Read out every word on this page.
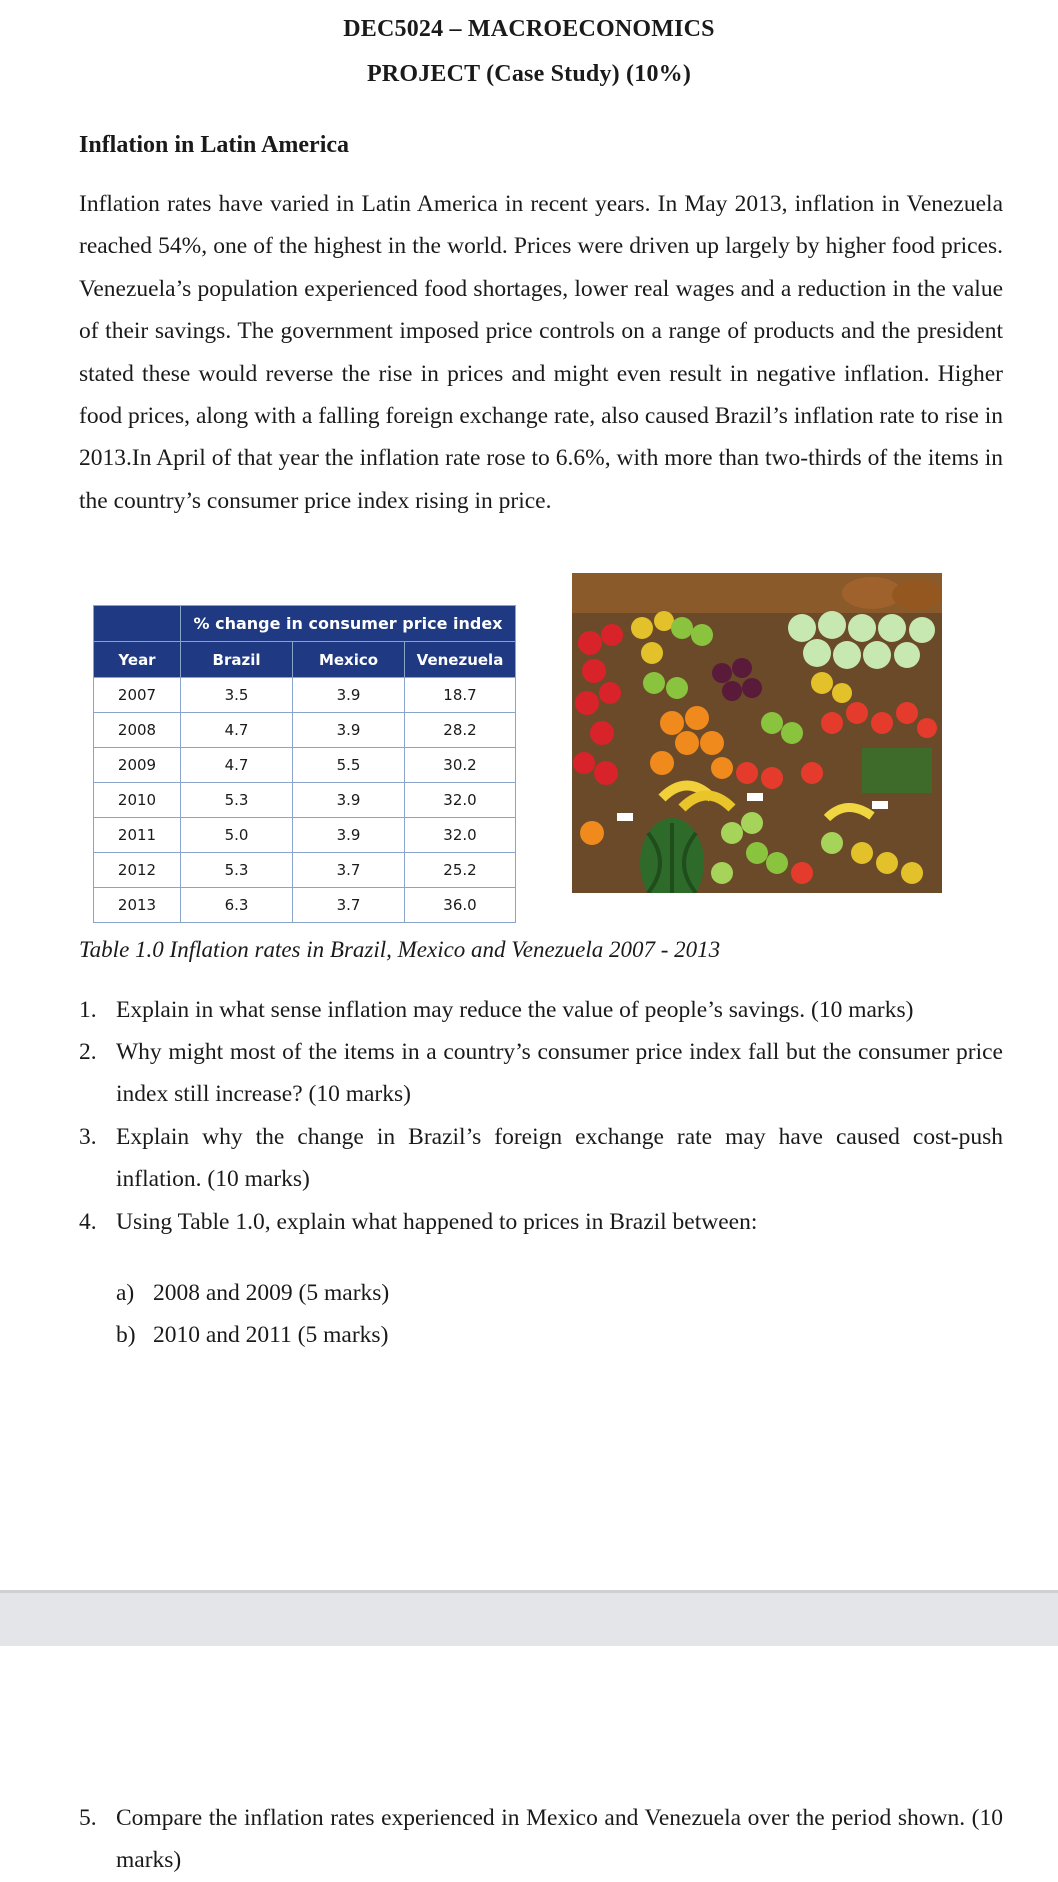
DEC5024 – MACROECONOMICS
PROJECT (Case Study) (10%)
Inflation in Latin America

Inflation rates have varied in Latin America in recent years. In May 2013, inflation in Venezuela reached 54%, one of the highest in the world. Prices were driven up largely by higher food prices. Venezuela’s population experienced food shortages, lower real wages and a reduction in the value of their savings. The government imposed price controls on a range of products and the president stated these would reverse the rise in prices and might even result in negative inflation. Higher food prices, along with a falling foreign exchange rate, also caused Brazil’s inflation rate to rise in 2013.In April of that year the inflation rate rose to 6.6%, with more than two-thirds of the items in the country’s consumer price index rising in price.

	% change in consumer price index		
Year	Brazil	Mexico	Venezuela
2007	3.5	3.9	18.7
2008	4.7	3.9	28.2
2009	4.7	5.5	30.2
2010	5.3	3.9	32.0
2011	5.0	3.9	32.0
2012	5.3	3.7	25.2
2013	6.3	3.7	36.0
Table 1.0 Inflation rates in Brazil, Mexico and Venezuela 2007 - 2013
1. Explain in what sense inflation may reduce the value of people’s savings. (10 marks)
2. Why might most of the items in a country’s consumer price index fall but the consumer price index still increase? (10 marks)
3. Explain why the change in Brazil’s foreign exchange rate may have caused cost-push inflation. (10 marks)
4. Using Table 1.0, explain what happened to prices in Brazil between:
a) 2008 and 2009 (5 marks)
b) 2010 and 2011 (5 marks)
5. Compare the inflation rates experienced in Mexico and Venezuela over the period shown. (10 marks)
